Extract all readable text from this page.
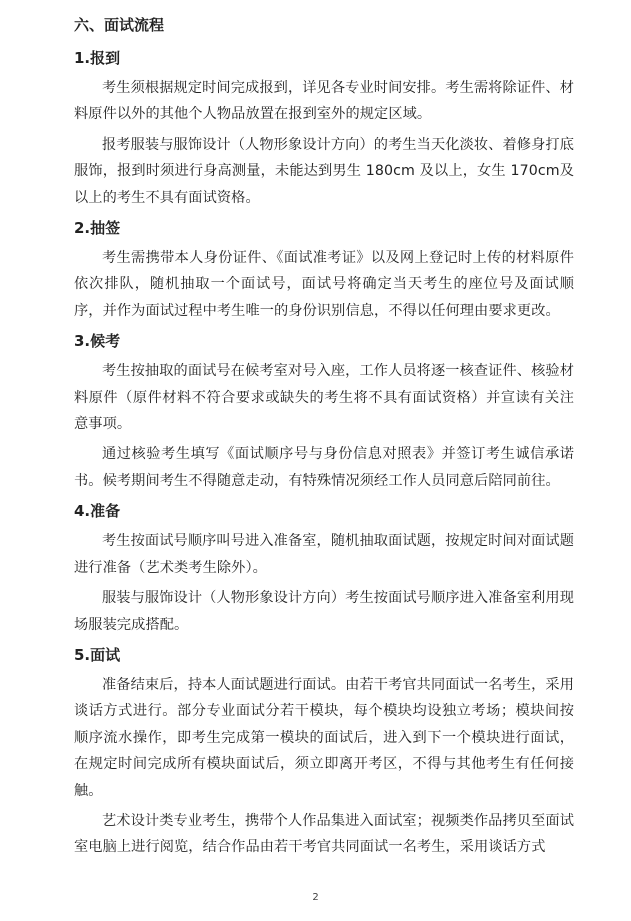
六、面试流程
1.报到

考生须根据规定时间完成报到，详见各专业时间安排。考生需将除证件、材料原件以外的其他个人物品放置在报到室外的规定区域。

报考服装与服饰设计（人物形象设计方向）的考生当天化淡妆、着修身打底服饰，报到时须进行身高测量，未能达到男生 180cm 及以上，女生 170cm及以上的考生不具有面试资格。

2.抽签

考生需携带本人身份证件、《面试准考证》以及网上登记时上传的材料原件依次排队，随机抽取一个面试号，面试号将确定当天考生的座位号及面试顺序，并作为面试过程中考生唯一的身份识别信息，不得以任何理由要求更改。

3.候考

考生按抽取的面试号在候考室对号入座，工作人员将逐一核查证件、核验材料原件（原件材料不符合要求或缺失的考生将不具有面试资格）并宣读有关注意事项。

通过核验考生填写《面试顺序号与身份信息对照表》并签订考生诚信承诺书。候考期间考生不得随意走动，有特殊情况须经工作人员同意后陪同前往。

4.准备

考生按面试号顺序叫号进入准备室，随机抽取面试题，按规定时间对面试题进行准备（艺术类考生除外）。

服装与服饰设计（人物形象设计方向）考生按面试号顺序进入准备室利用现场服装完成搭配。

5.面试

准备结束后，持本人面试题进行面试。由若干考官共同面试一名考生，采用谈话方式进行。部分专业面试分若干模块，每个模块均设独立考场；模块间按顺序流水操作，即考生完成第一模块的面试后，进入到下一个模块进行面试，在规定时间完成所有模块面试后，须立即离开考区，不得与其他考生有任何接触。

艺术设计类专业考生，携带个人作品集进入面试室；视频类作品拷贝至面试室电脑上进行阅览，结合作品由若干考官共同面试一名考生，采用谈话方式

2
